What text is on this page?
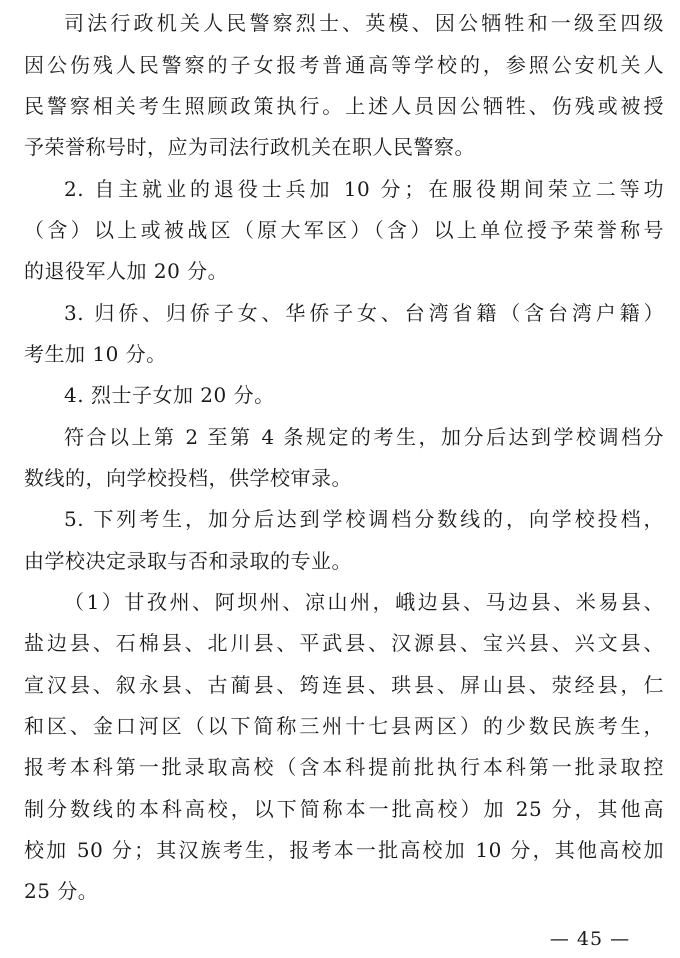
司法行政机关人民警察烈士、英模、因公牺牲和一级至四级
因公伤残人民警察的子女报考普通高等学校的，参照公安机关人
民警察相关考生照顾政策执行。上述人员因公牺牲、伤残或被授
予荣誉称号时，应为司法行政机关在职人民警察。
2. 自主就业的退役士兵加 10 分；在服役期间荣立二等功
（含）以上或被战区（原大军区）（含）以上单位授予荣誉称号
的退役军人加 20 分。
3. 归侨、归侨子女、华侨子女、台湾省籍（含台湾户籍）
考生加 10 分。
4. 烈士子女加 20 分。
符合以上第 2 至第 4 条规定的考生，加分后达到学校调档分
数线的，向学校投档，供学校审录。
5. 下列考生，加分后达到学校调档分数线的，向学校投档，
由学校决定录取与否和录取的专业。
（1）甘孜州、阿坝州、凉山州，峨边县、马边县、米易县、
盐边县、石棉县、北川县、平武县、汉源县、宝兴县、兴文县、
宣汉县、叙永县、古蔺县、筠连县、珙县、屏山县、荥经县，仁
和区、金口河区（以下简称三州十七县两区）的少数民族考生，
报考本科第一批录取高校（含本科提前批执行本科第一批录取控
制分数线的本科高校，以下简称本一批高校）加 25 分，其他高
校加 50 分；其汉族考生，报考本一批高校加 10 分，其他高校加
25 分。
— 45 —
